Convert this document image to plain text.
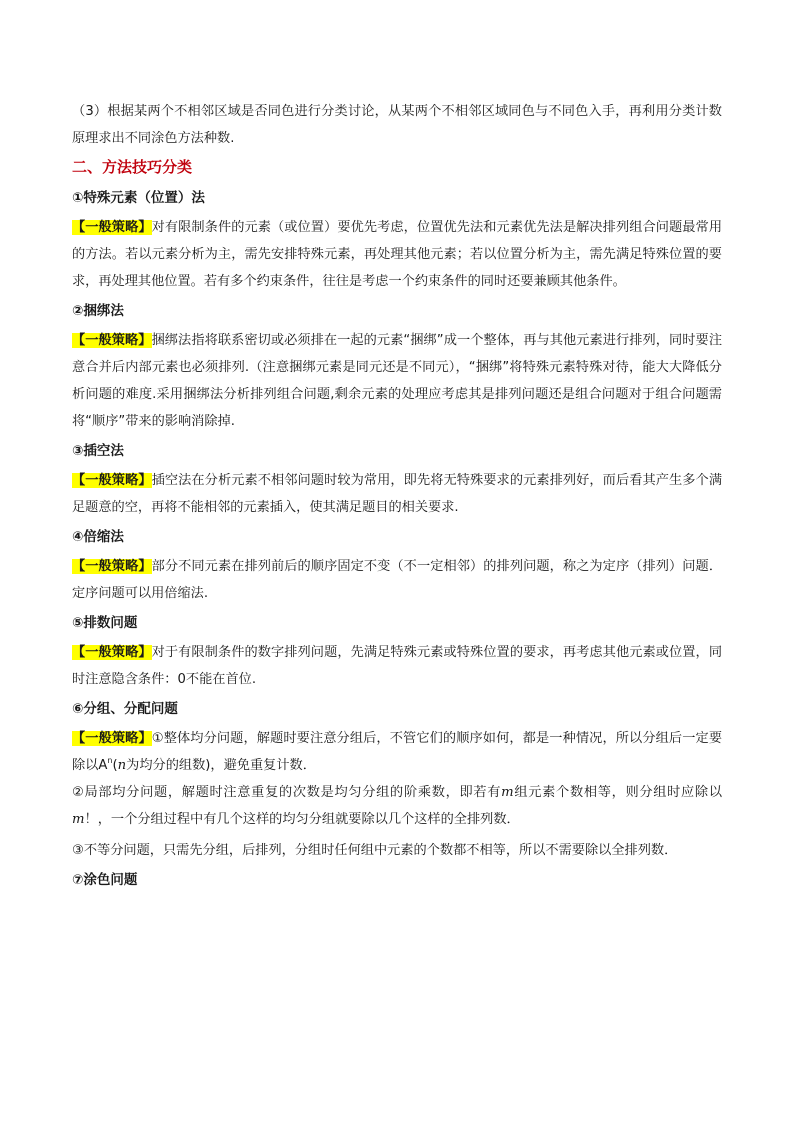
（3）根据某两个不相邻区域是否同色进行分类讨论，从某两个不相邻区域同色与不同色入手，再利用分类计数原理求出不同涂色方法种数.

二、方法技巧分类
①特殊元素（位置）法

【一般策略】对有限制条件的元素（或位置）要优先考虑，位置优先法和元素优先法是解决排列组合问题最常用的方法。若以元素分析为主，需先安排特殊元素，再处理其他元素；若以位置分析为主，需先满足特殊位置的要求，再处理其他位置。若有多个约束条件，往往是考虑一个约束条件的同时还要兼顾其他条件。

②捆绑法

【一般策略】捆绑法指将联系密切或必须排在一起的元素“捆绑”成一个整体，再与其他元素进行排列，同时要注意合并后内部元素也必须排列.（注意捆绑元素是同元还是不同元），“捆绑”将特殊元素特殊对待，能大大降低分析问题的难度.采用捆绑法分析排列组合问题,剩余元素的处理应考虑其是排列问题还是组合问题对于组合问题需将“顺序”带来的影响消除掉.

③插空法

【一般策略】插空法在分析元素不相邻问题时较为常用，即先将无特殊要求的元素排列好，而后看其产生多个满足题意的空，再将不能相邻的元素插入，使其满足题目的相关要求.

④倍缩法

【一般策略】部分不同元素在排列前后的顺序固定不变（不一定相邻）的排列问题，称之为定序（排列）问题．定序问题可以用倍缩法.

⑤排数问题

【一般策略】对于有限制条件的数字排列问题，先满足特殊元素或特殊位置的要求，再考虑其他元素或位置，同时注意隐含条件：0不能在首位.

⑥分组、分配问题

【一般策略】①整体均分问题，解题时要注意分组后，不管它们的顺序如何，都是一种情况，所以分组后一定要除以$A^n(n$为均分的组数)，避免重复计数．

②局部均分问题，解题时注意重复的次数是均匀分组的阶乘数，即若有m组元素个数相等，则分组时应除以m！，一个分组过程中有几个这样的均匀分组就要除以几个这样的全排列数．

③不等分问题，只需先分组，后排列，分组时任何组中元素的个数都不相等，所以不需要除以全排列数．

⑦涂色问题
